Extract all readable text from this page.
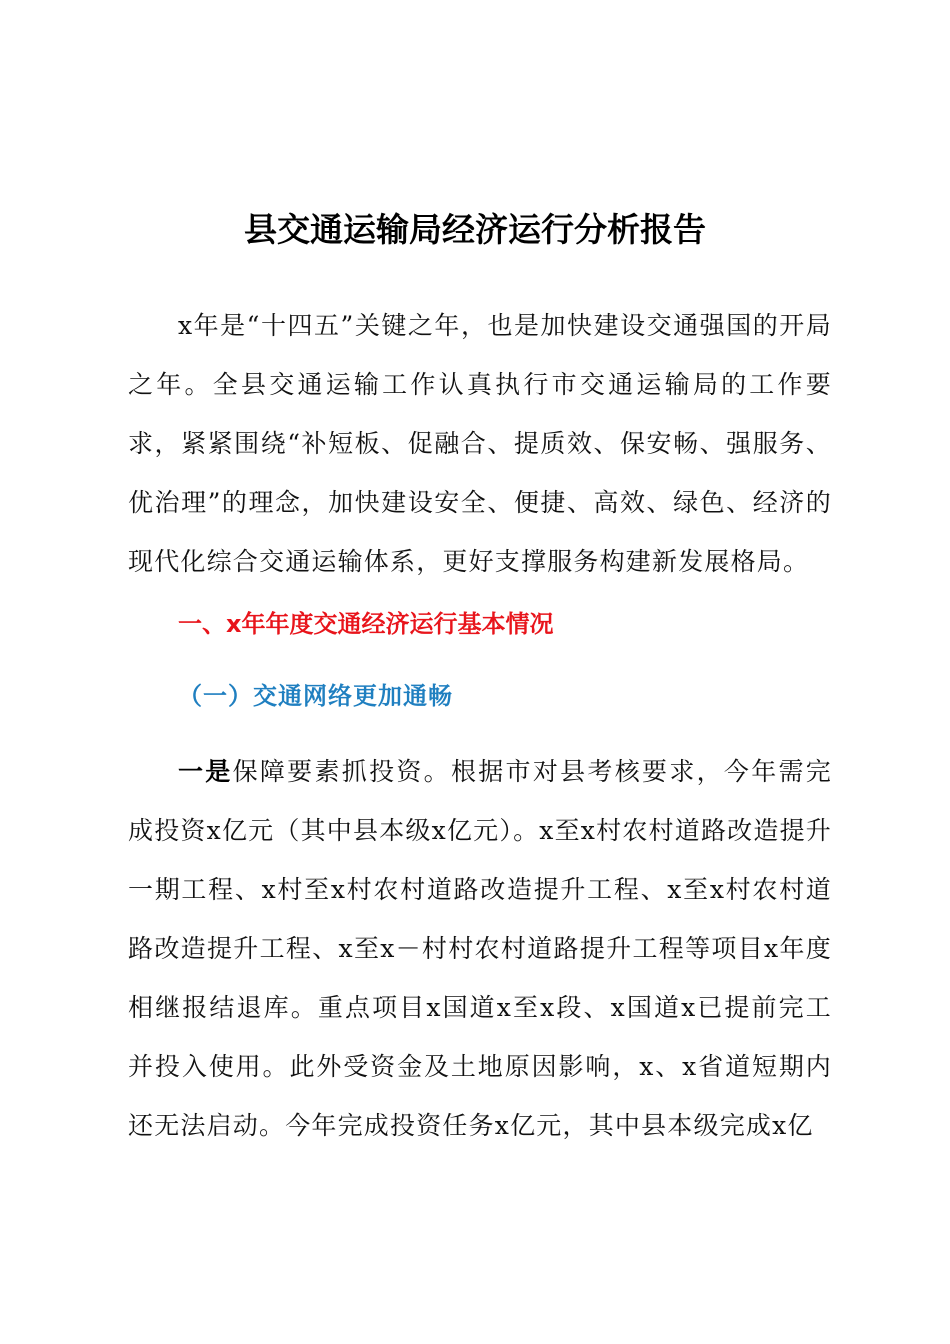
县交通运输局经济运行分析报告

x年是“十四五”关键之年，也是加快建设交通强国的开局之年。全县交通运输工作认真执行市交通运输局的工作要求，紧紧围绕“补短板、促融合、提质效、保安畅、强服务、优治理”的理念，加快建设安全、便捷、高效、绿色、经济的现代化综合交通运输体系，更好支撑服务构建新发展格局。

一、x年年度交通经济运行基本情况
（一）交通网络更加通畅

一是保障要素抓投资。根据市对县考核要求，今年需完成投资x亿元（其中县本级x亿元）。x至x村农村道路改造提升一期工程、x村至x村农村道路改造提升工程、x至x村农村道路改造提升工程、x至x－村村农村道路提升工程等项目x年度相继报结退库。重点项目x国道x至x段、x国道x已提前完工并投入使用。此外受资金及土地原因影响，x、x省道短期内还无法启动。今年完成投资任务x亿元，其中县本级完成x亿
